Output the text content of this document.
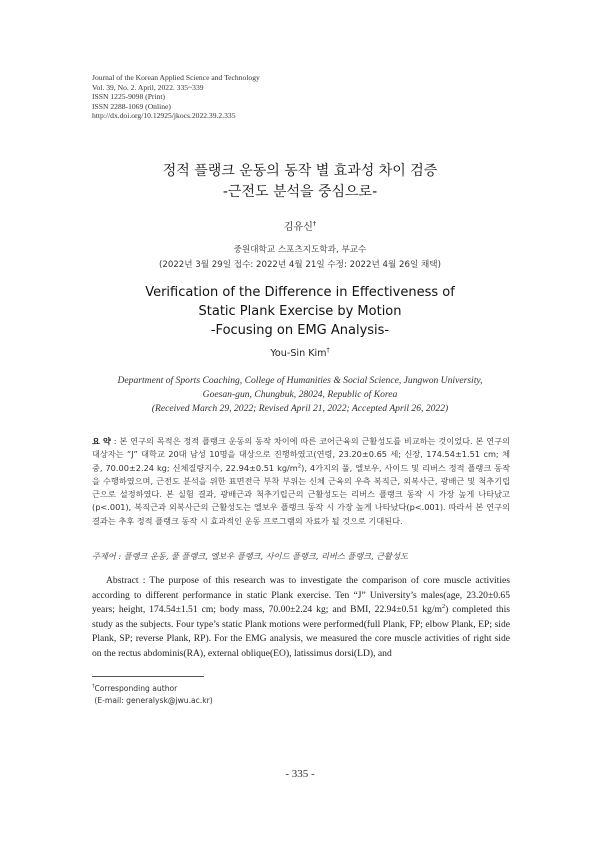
Journal of the Korean Applied Science and Technology
Vol. 39, No. 2. April, 2022. 335~339
ISSN 1225-9098 (Print)
ISSN 2288-1069 (Online)
http://dx.doi.org/10.12925/jkocs.2022.39.2.335
정적 플랭크 운동의 동작 별 효과성 차이 검증
-근전도 분석을 중심으로-
김유신†
중원대학교 스포츠지도학과, 부교수
(2022년 3월 29일 접수: 2022년 4월 21일 수정: 2022년 4월 26일 채택)
Verification of the Difference in Effectiveness of
Static Plank Exercise by Motion
-Focusing on EMG Analysis-
You-Sin Kim†
Department of Sports Coaching, College of Humanities & Social Science, Jungwon University,
Goesan-gun, Chungbuk, 28024, Republic of Korea
(Received March 29, 2022; Revised April 21, 2022; Accepted April 26, 2022)
요 약 : 본 연구의 목적은 정적 플랭크 운동의 동작 차이에 따른 코어근육의 근활성도를 비교하는 것이었다. 본 연구의 대상자는 “J” 대학교 20대 남성 10명을 대상으로 진행하였고(연령, 23.20±0.65 세; 신장, 174.54±1.51 cm; 체중, 70.00±2.24 kg; 신체질량지수, 22.94±0.51 $kg/m^2$), 4가지의 풀, 엘보우, 사이드 및 리버스 정적 플랭크 동작을 수행하였으며, 근전도 분석을 위한 표면전극 부착 부위는 신체 근육의 우측 복직근, 외복사근, 광배근 및 척추기립근으로 설정하였다. 본 실험 결과, 광배근과 척추기립근의 근활성도는 리버스 플랭크 동작 시 가장 높게 나타났고(p<.001), 복직근과 외복사근의 근활성도는 엘보우 플랭크 동작 시 가장 높게 나타났다(p<.001). 따라서 본 연구의 결과는 추후 정적 플랭크 동작 시 효과적인 운동 프로그램의 자료가 될 것으로 기대된다.
주제어 : 플랭크 운동, 풀 플랭크, 엘보우 플랭크, 사이드 플랭크, 리버스 플랭크, 근활성도
Abstract : The purpose of this research was to investigate the comparison of core muscle activities according to different performance in static Plank exercise. Ten “J” University’s males(age, 23.20±0.65 years; height, 174.54±1.51 cm; body mass, 70.00±2.24 kg; and BMI, 22.94±0.51 $kg/m^2$) completed this study as the subjects. Four type’s static Plank motions were performed(full Plank, FP; elbow Plank, EP; side Plank, SP; reverse Plank, RP). For the EMG analysis, we measured the core muscle activities of right side on the rectus abdominis(RA), external oblique(EO), latissimus dorsi(LD), and
†Corresponding author
(E-mail: generalysk@jwu.ac.kr)
- 335 -
